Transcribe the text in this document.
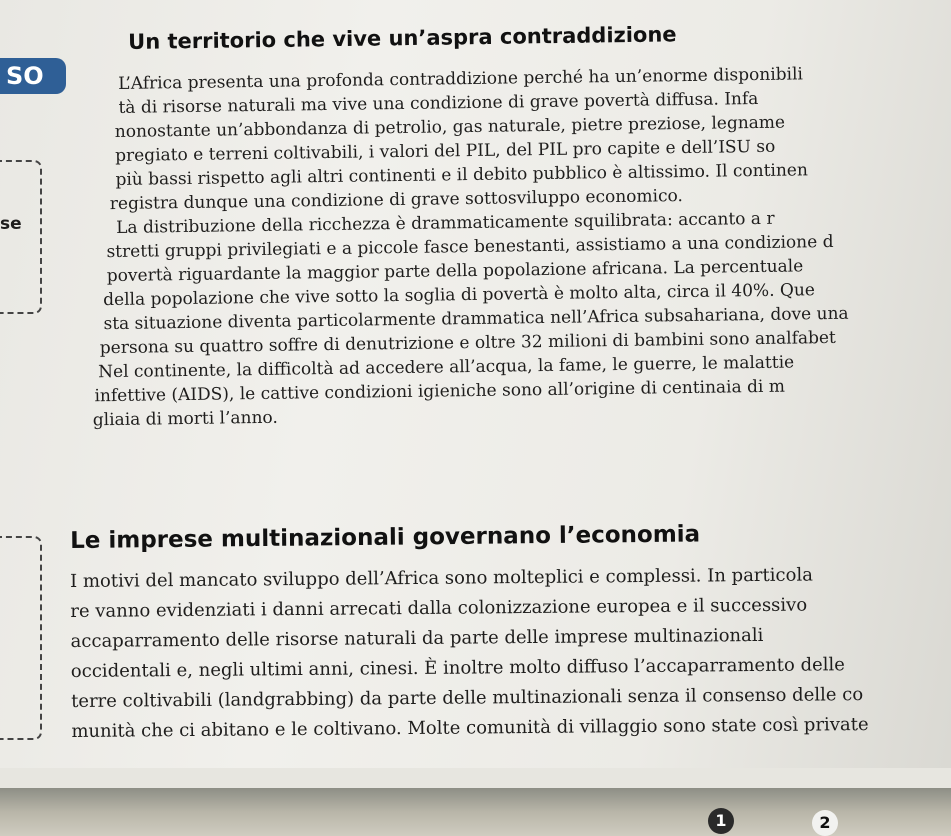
SO
se
Un territorio che vive un’aspra contraddizione
L’Africa presenta una profonda contraddizione perché ha un’enorme disponibili
tà di risorse naturali ma vive una condizione di grave povertà diffusa. Infa
nonostante un’abbondanza di petrolio, gas naturale, pietre preziose, legname
pregiato e terreni coltivabili, i valori del PIL, del PIL pro capite e dell’ISU so
più bassi rispetto agli altri continenti e il debito pubblico è altissimo. Il continen
registra dunque una condizione di grave sottosviluppo economico.
La distribuzione della ricchezza è drammaticamente squilibrata: accanto a r
stretti gruppi privilegiati e a piccole fasce benestanti, assistiamo a una condizione d
povertà riguardante la maggior parte della popolazione africana. La percentuale
della popolazione che vive sotto la soglia di povertà è molto alta, circa il 40%. Que
sta situazione diventa particolarmente drammatica nell’Africa subsahariana, dove una
persona su quattro soffre di denutrizione e oltre 32 milioni di bambini sono analfabet
Nel continente, la difficoltà ad accedere all’acqua, la fame, le guerre, le malattie
infettive (AIDS), le cattive condizioni igieniche sono all’origine di centinaia di m
gliaia di morti l’anno.
Le imprese multinazionali governano l’economia
I motivi del mancato sviluppo dell’Africa sono molteplici e complessi. In particola
re vanno evidenziati i danni arrecati dalla colonizzazione europea e il successivo
accaparramento delle risorse naturali da parte delle imprese multinazionali
occidentali e, negli ultimi anni, cinesi. È inoltre molto diffuso l’accaparramento delle
terre coltivabili (landgrabbing) da parte delle multinazionali senza il consenso delle co
munità che ci abitano e le coltivano. Molte comunità di villaggio sono state così private
1	2
